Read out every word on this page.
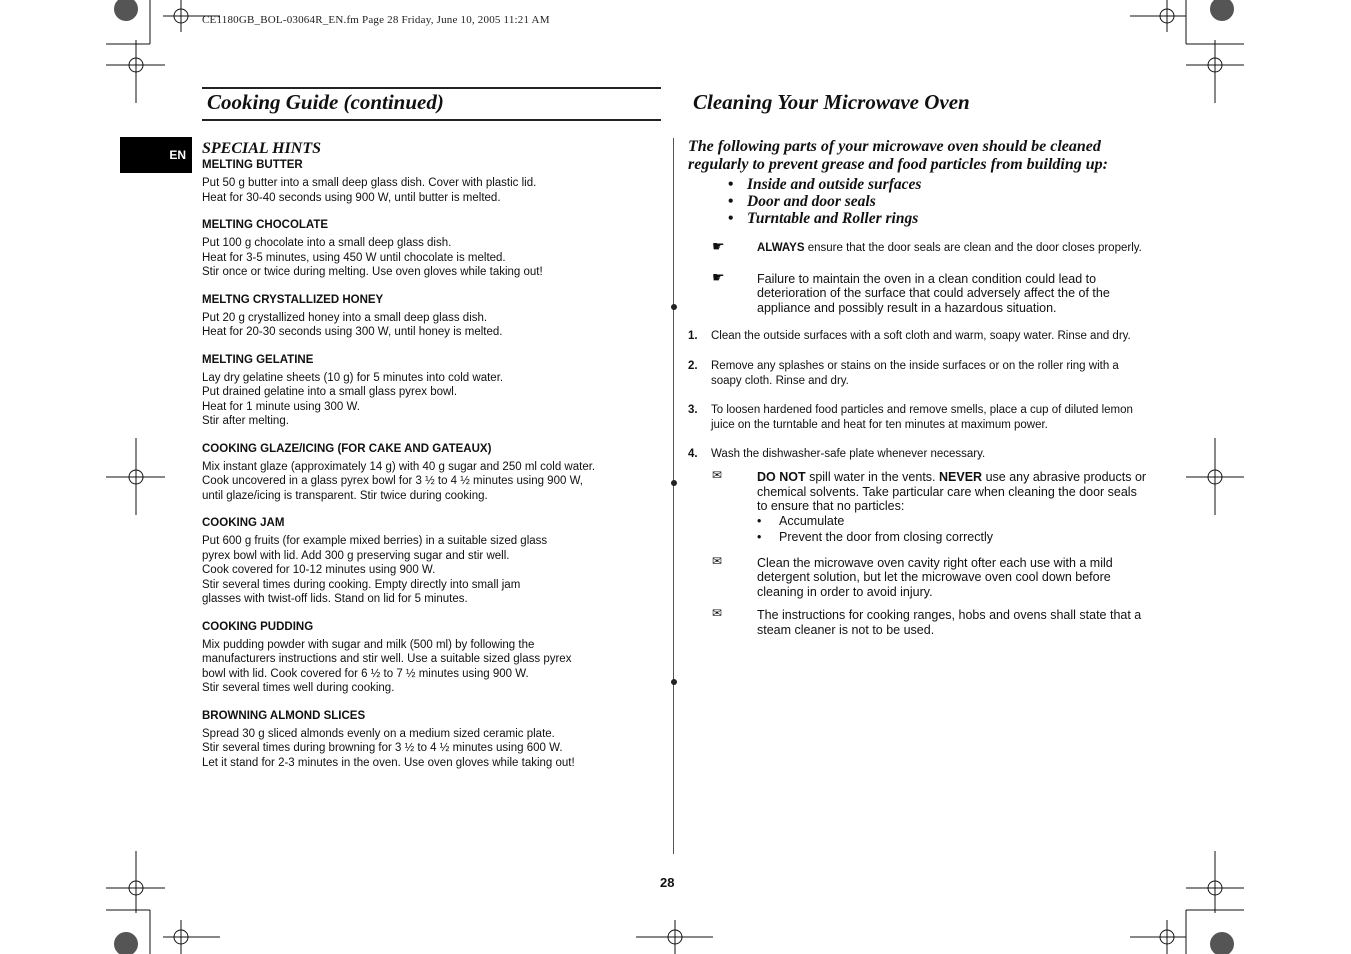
CE1180GB_BOL-03064R_EN.fm Page 28 Friday, June 10, 2005 11:21 AM
Cooking Guide (continued)	Cleaning Your Microwave Oven
EN	SPECIAL HINTS
MELTING BUTTER
Put 50 g butter into a small deep glass dish. Cover with plastic lid.
Heat for 30-40 seconds using 900 W, until butter is melted.
MELTING CHOCOLATE
Put 100 g chocolate into a small deep glass dish.
Heat for 3-5 minutes, using 450 W until chocolate is melted.
Stir once or twice during melting. Use oven gloves while taking out!
MELTNG CRYSTALLIZED HONEY
Put 20 g crystallized honey into a small deep glass dish.
Heat for 20-30 seconds using 300 W, until honey is melted.
MELTING GELATINE
Lay dry gelatine sheets (10 g) for 5 minutes into cold water.
Put drained gelatine into a small glass pyrex bowl.
Heat for 1 minute using 300 W.
Stir after melting.
COOKING GLAZE/ICING (FOR CAKE AND GATEAUX)
Mix instant glaze (approximately 14 g) with 40 g sugar and 250 ml cold water.
Cook uncovered in a glass pyrex bowl for 3 ½ to 4 ½ minutes using 900 W,
until glaze/icing is transparent. Stir twice during cooking.
COOKING JAM
Put 600 g fruits (for example mixed berries) in a suitable sized glass
pyrex bowl with lid. Add 300 g preserving sugar and stir well.
Cook covered for 10-12 minutes using 900 W.
Stir several times during cooking. Empty directly into small jam
glasses with twist-off lids. Stand on lid for 5 minutes.
COOKING PUDDING
Mix pudding powder with sugar and milk (500 ml) by following the
manufacturers instructions and stir well. Use a suitable sized glass pyrex
bowl with lid. Cook covered for 6 ½ to 7 ½ minutes using 900 W.
Stir several times well during cooking.
BROWNING ALMOND SLICES
Spread 30 g sliced almonds evenly on a medium sized ceramic plate.
Stir several times during browning for 3 ½ to 4 ½ minutes using 600 W.
Let it stand for 2-3 minutes in the oven. Use oven gloves while taking out!
The following parts of your microwave oven should be cleaned regularly to prevent grease and food particles from building up:
• Inside and outside surfaces
• Door and door seals
• Turntable and Roller rings
☛	ALWAYS ensure that the door seals are clean and the door closes properly.
☛	Failure to maintain the oven in a clean condition could lead to deterioration of the surface that could adversely affect the of the appliance and possibly result in a hazardous situation.
1. Clean the outside surfaces with a soft cloth and warm, soapy water. Rinse and dry.
2. Remove any splashes or stains on the inside surfaces or on the roller ring with a soapy cloth. Rinse and dry.
3. To loosen hardened food particles and remove smells, place a cup of diluted lemon juice on the turntable and heat for ten minutes at maximum power.
4. Wash the dishwasher-safe plate whenever necessary.
✉	DO NOT spill water in the vents. NEVER use any abrasive products or chemical solvents. Take particular care when cleaning the door seals to ensure that no particles:
• Accumulate
• Prevent the door from closing correctly
✉	Clean the microwave oven cavity right ofter each use with a mild detergent solution, but let the microwave oven cool down before cleaning in order to avoid injury.
✉	The instructions for cooking ranges, hobs and ovens shall state that a steam cleaner is not to be used.
28
